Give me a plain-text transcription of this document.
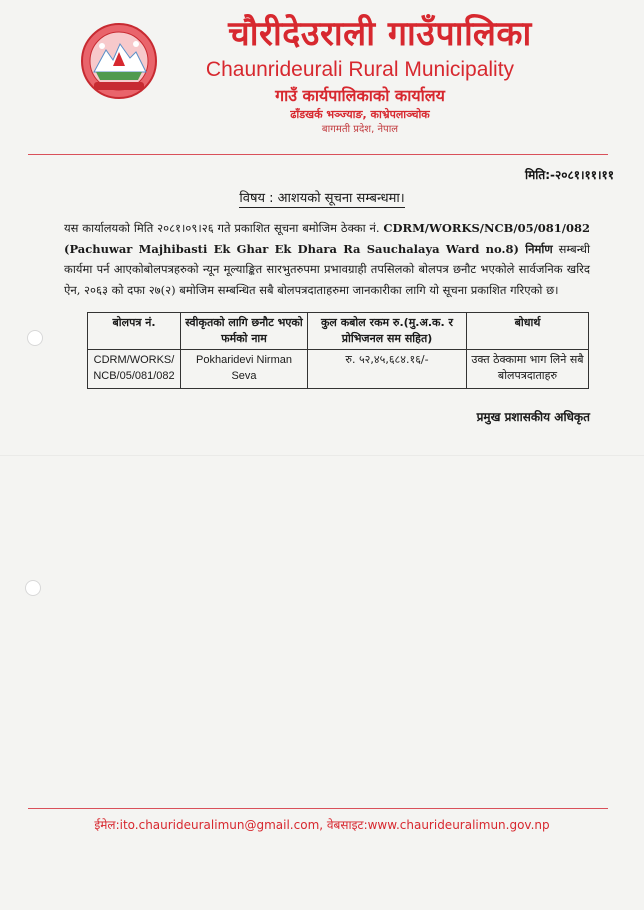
चौरीदेउराली गाउँपालिका
Chaunrideurali Rural Municipality
गाउँ कार्यपालिकाको कार्यालय
ढाँडखर्क भञ्ज्याङ, काभ्रेपलाञ्चोक
बागमती प्रदेश, नेपाल
मिति:-२०८१।११।११
विषय : आशयको सूचना सम्बन्धमा।
यस कार्यालयको मिति २०८१।०९।२६ गते प्रकाशित सूचना बमोजिम ठेक्का नं. CDRM/WORKS/NCB/05/081/082 (Pachuwar Majhibasti Ek Ghar Ek Dhara Ra Sauchalaya Ward no.8) निर्माण सम्बन्धी कार्यमा पर्न आएकोबोलपत्रहरुको न्यून मूल्याङ्कित सारभुतरुपमा प्रभावग्राही तपसिलको बोलपत्र छनौट भएकोले सार्वजनिक खरिद ऐन, २०६३ को दफा २७(२) बमोजिम सम्बन्धित सबै बोलपत्रदाताहरुमा जानकारीका लागि यो सूचना प्रकाशित गरिएको छ।
बोलपत्र नं.	स्वीकृतको लागि छनौट भएको फर्मको नाम	कुल कबोल रकम रु.(मु.अ.क. र प्रोभिजनल सम सहित)	बोधार्थ
CDRM/WORKS/ NCB/05/081/082	Pokharidevi Nirman Seva	रु. ५२,४५,६८४.१६/-	उक्त ठेक्कामा भाग लिने सबै बोलपत्रदाताहरु
प्रमुख प्रशासकीय अधिकृत
ईमेल:ito.chaurideuralimun@gmail.com, वेबसाइट:www.chaurideuralimun.gov.np
